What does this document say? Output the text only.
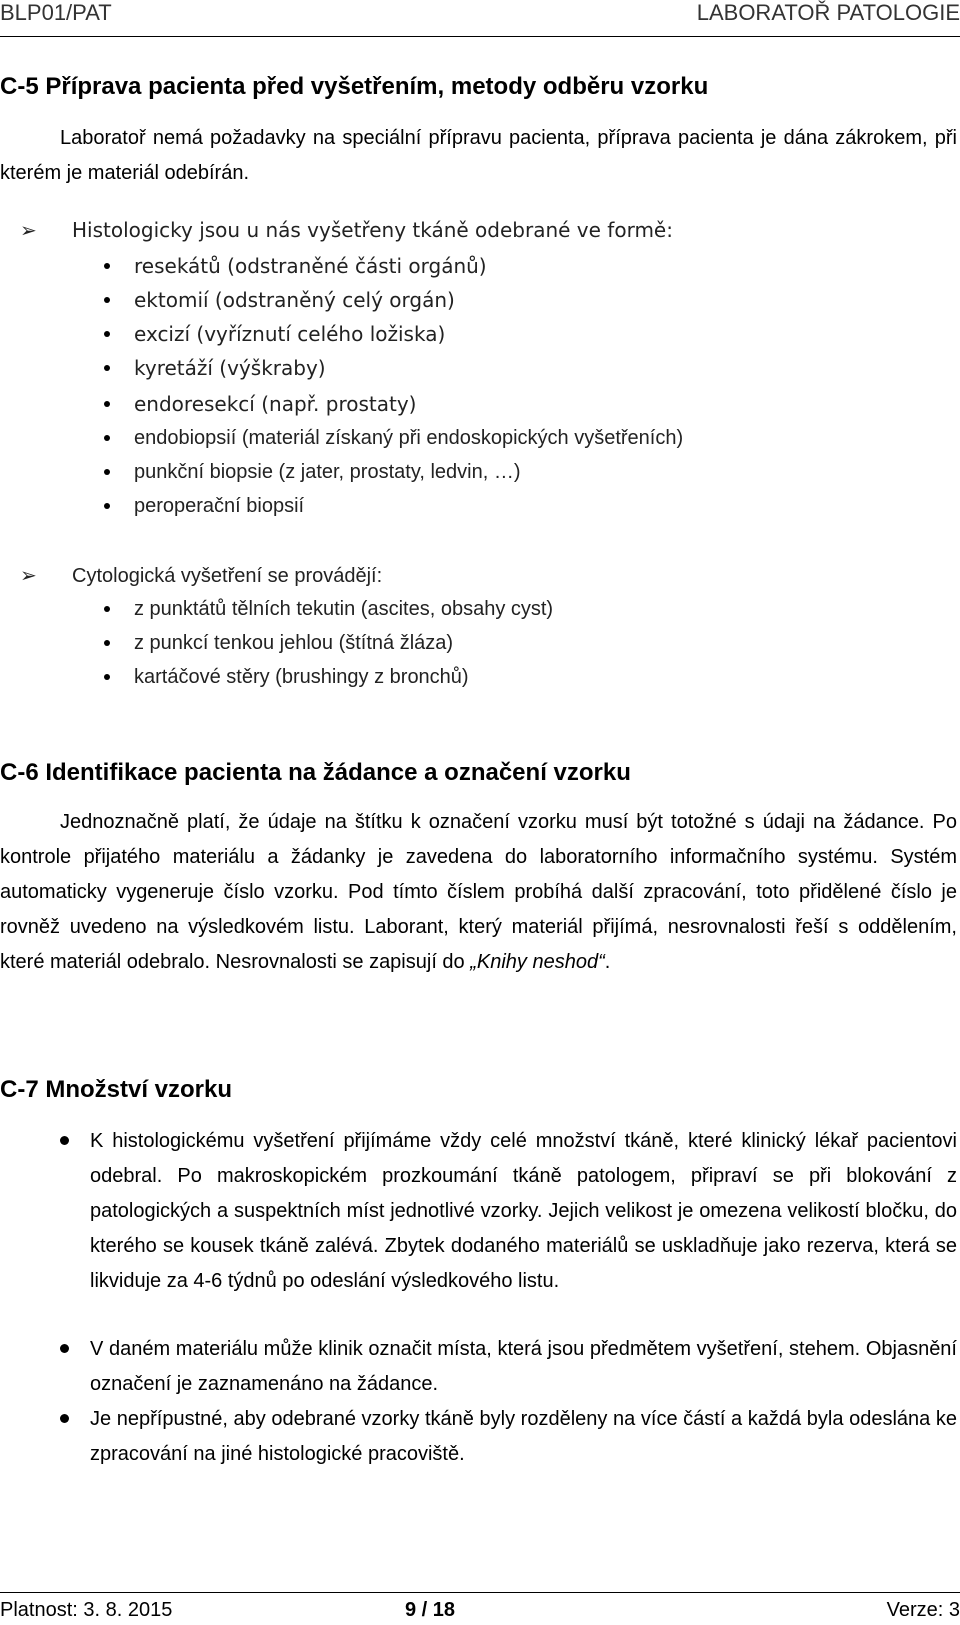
BLP01/PAT	LABORATOŘ PATOLOGIE
C-5 Příprava pacienta před vyšetřením, metody odběru vzorku
Laboratoř nemá požadavky na speciální přípravu pacienta, příprava pacienta je dána zákrokem, při kterém je materiál odebírán.
➢ Histologicky jsou u nás vyšetřeny tkáně odebrané ve formě:
resekátů (odstraněné části orgánů)
ektomií (odstraněný celý orgán)
excizí (vyříznutí celého ložiska)
kyretáží (výškraby)
endoresekcí (např. prostaty)
endobiopsií (materiál získaný při endoskopických vyšetřeních)
punkční biopsie (z jater, prostaty, ledvin, …)
peroperační biopsií
➢ Cytologická vyšetření se provádějí:
z punktátů tělních tekutin (ascites, obsahy cyst)
z punkcí tenkou jehlou (štítná žláza)
kartáčové stěry (brushingy z bronchů)
C-6 Identifikace pacienta na žádance a označení vzorku
Jednoznačně platí, že údaje na štítku k označení vzorku musí být totožné s údaji na žádance. Po kontrole přijatého materiálu a žádanky je zavedena do laboratorního informačního systému. Systém automaticky vygeneruje číslo vzorku. Pod tímto číslem probíhá další zpracování, toto přidělené číslo je rovněž uvedeno na výsledkovém listu. Laborant, který materiál přijímá, nesrovnalosti řeší s oddělením, které materiál odebralo. Nesrovnalosti se zapisují do „Knihy neshod“.
C-7 Množství vzorku
K histologickému vyšetření přijímáme vždy celé množství tkáně, které klinický lékař pacientovi odebral. Po makroskopickém prozkoumání tkáně patologem, připraví se při blokování z patologických a suspektních míst jednotlivé vzorky. Jejich velikost je omezena velikostí bločku, do kterého se kousek tkáně zalévá. Zbytek dodaného materiálů se uskladňuje jako rezerva, která se likviduje za 4-6 týdnů po odeslání výsledkového listu.
V daném materiálu může klinik označit místa, která jsou předmětem vyšetření, stehem. Objasnění označení je zaznamenáno na žádance.
Je nepřípustné, aby odebrané vzorky tkáně byly rozděleny na více částí a každá byla odeslána ke zpracování na jiné histologické pracoviště.
Platnost: 3. 8. 2015	9 / 18	Verze: 3
